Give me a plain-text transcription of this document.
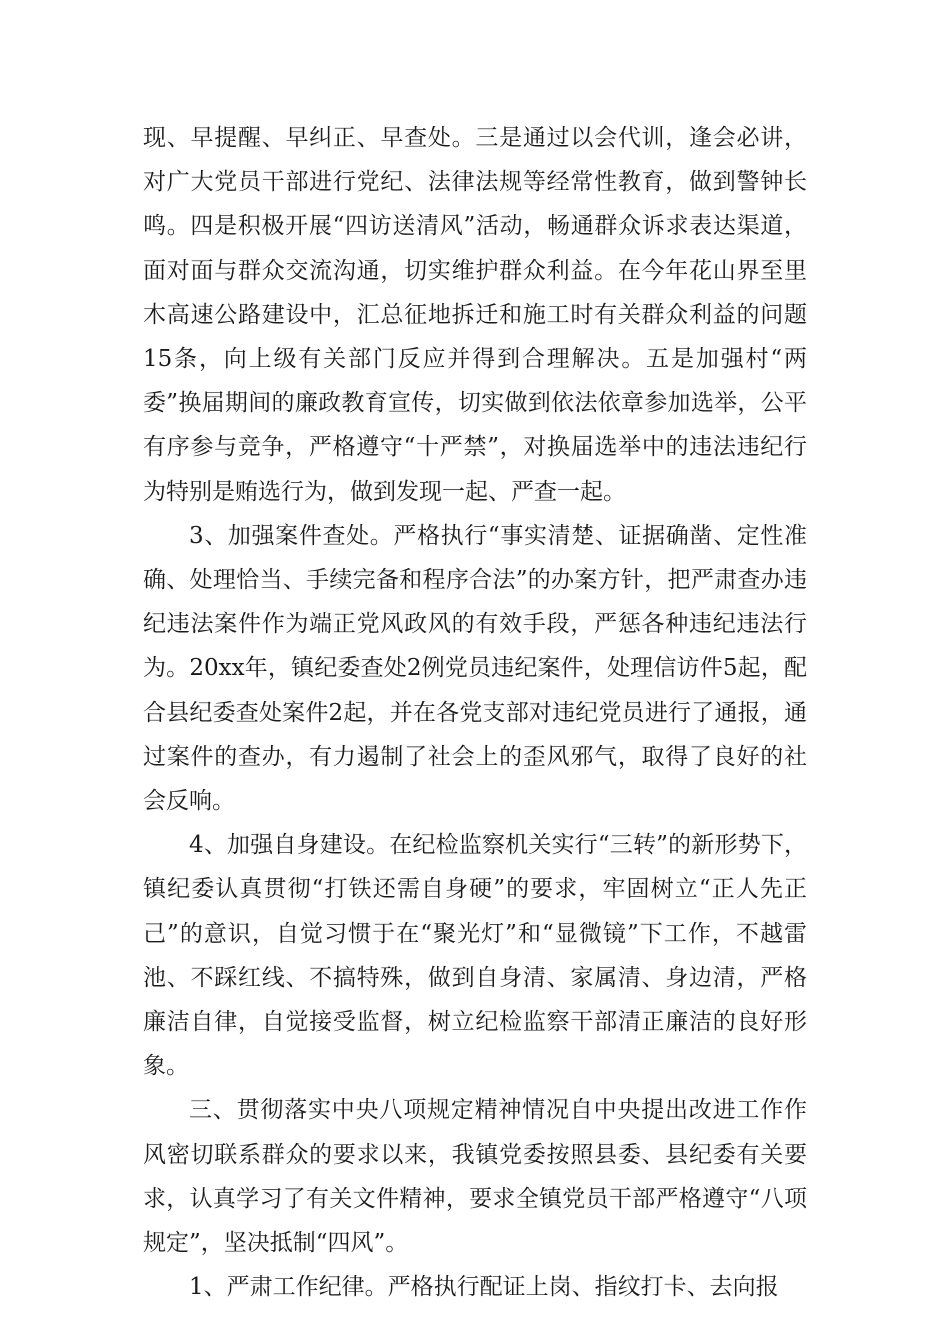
现、早提醒、早纠正、早查处。三是通过以会代训，逢会必讲，对广大党员干部进行党纪、法律法规等经常性教育，做到警钟长鸣。四是积极开展“四访送清风”活动，畅通群众诉求表达渠道，面对面与群众交流沟通，切实维护群众利益。在今年花山界至里木高速公路建设中，汇总征地拆迁和施工时有关群众利益的问题15条，向上级有关部门反应并得到合理解决。五是加强村“两委”换届期间的廉政教育宣传，切实做到依法依章参加选举，公平有序参与竞争，严格遵守“十严禁”，对换届选举中的违法违纪行为特别是贿选行为，做到发现一起、严查一起。

3、加强案件查处。严格执行“事实清楚、证据确凿、定性准确、处理恰当、手续完备和程序合法”的办案方针，把严肃查办违纪违法案件作为端正党风政风的有效手段，严惩各种违纪违法行为。20xx年，镇纪委查处2例党员违纪案件，处理信访件5起，配合县纪委查处案件2起，并在各党支部对违纪党员进行了通报，通过案件的查办，有力遏制了社会上的歪风邪气，取得了良好的社会反响。

4、加强自身建设。在纪检监察机关实行“三转”的新形势下，镇纪委认真贯彻“打铁还需自身硬”的要求，牢固树立“正人先正己”的意识，自觉习惯于在“聚光灯”和“显微镜”下工作，不越雷池、不踩红线、不搞特殊，做到自身清、家属清、身边清，严格廉洁自律，自觉接受监督，树立纪检监察干部清正廉洁的良好形象。

三、贯彻落实中央八项规定精神情况自中央提出改进工作作风密切联系群众的要求以来，我镇党委按照县委、县纪委有关要求，认真学习了有关文件精神，要求全镇党员干部严格遵守“八项规定”，坚决抵制“四风”。

1、严肃工作纪律。严格执行配证上岗、指纹打卡、去向报
